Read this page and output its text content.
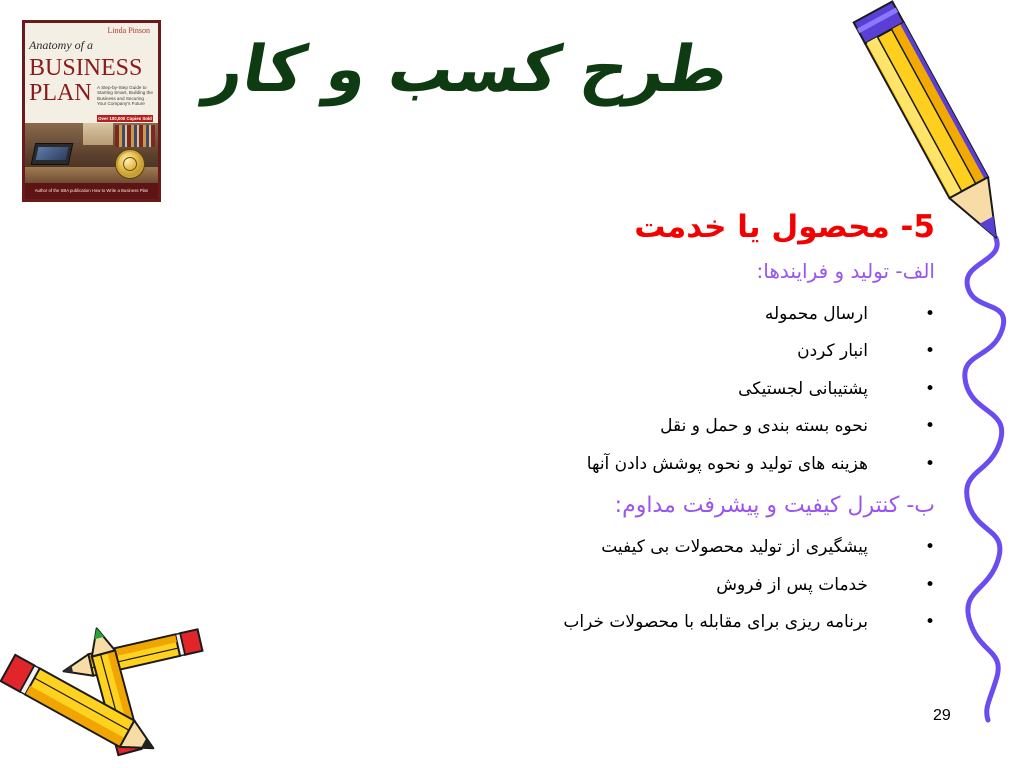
Linda Pinson
Anatomy of a
BUSINESS
PLAN A Step-by-Step Guide to Starting Smart, Building the Business and Securing Your Company's Future
Over 100,000 Copies Sold
Author of the SBA publication How to Write a Business Plan
طرح کسب و کار
5- محصول یا خدمت
الف- تولید و فرایندها:
•
ارسال محموله
•
انبار کردن
•
پشتیبانی لجستیکی
•
نحوه بسته بندی و حمل و نقل
•
هزینه های تولید و نحوه پوشش دادن آنها
ب- کنترل کیفیت و پیشرفت مداوم:
•
پیشگیری از تولید محصولات بی کیفیت
•
خدمات پس از فروش
•
برنامه ریزی برای مقابله با محصولات خراب
29
